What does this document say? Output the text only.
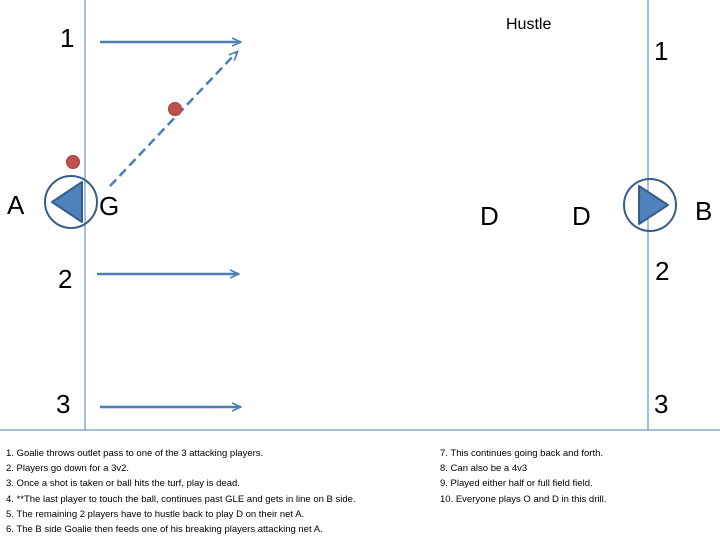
Hustle
1	1
2	2
3	3
A	B
G	D	D
1. Goalie throws outlet pass to one of the 3 attacking players.
2. Players go down for a 3v2.
3. Once a shot is taken or ball hits the turf, play is dead.
4. **The last player to touch the ball, continues past GLE and gets in line on B side.
5. The remaining 2 players have to hustle back to play D on their net A.
6. The B side Goalie then feeds one of his breaking players attacking net A.
7. This continues going back and forth.
8. Can also be a 4v3
9. Played either half or full field field.
10. Everyone plays O and D in this drill.
